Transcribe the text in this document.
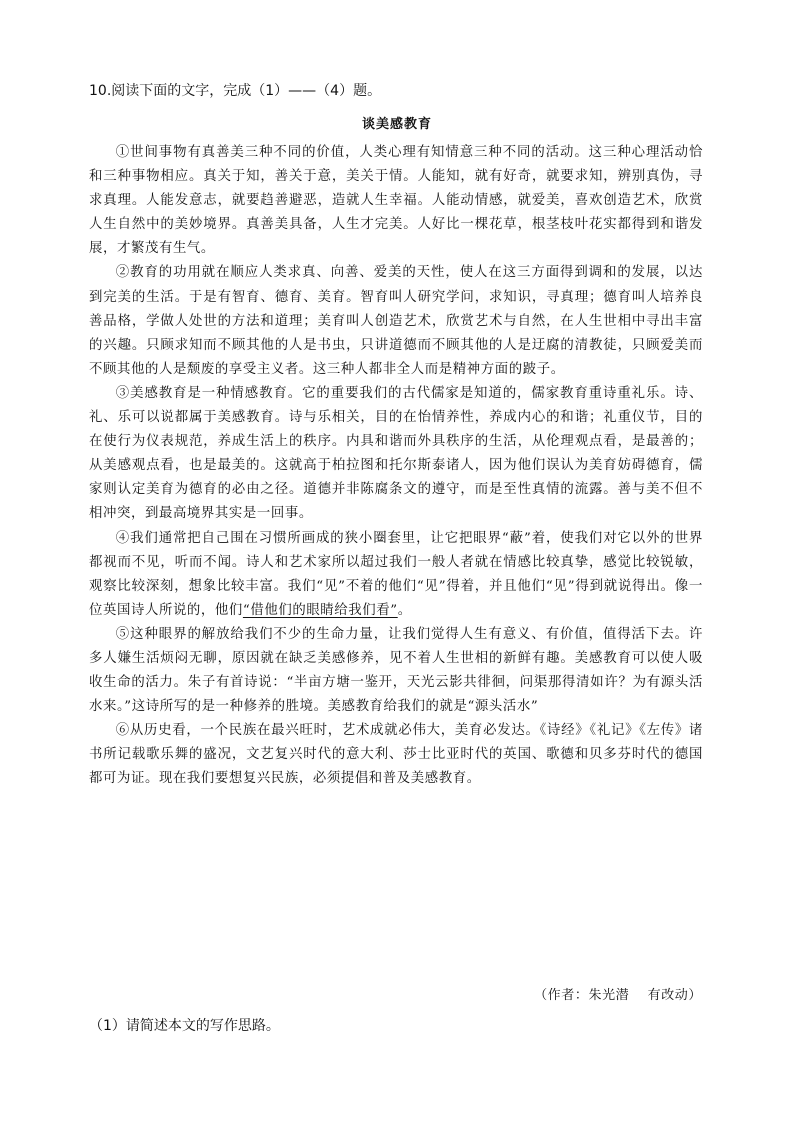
10.阅读下面的文字，完成（1）——（4）题。
谈美感教育

①世间事物有真善美三种不同的价值，人类心理有知情意三种不同的活动。这三种心理活动恰和三种事物相应。真关于知，善关于意，美关于情。人能知，就有好奇，就要求知，辨别真伪，寻求真理。人能发意志，就要趋善避恶，造就人生幸福。人能动情感，就爱美，喜欢创造艺术，欣赏人生自然中的美妙境界。真善美具备，人生才完美。人好比一棵花草，根茎枝叶花实都得到和谐发展，才繁茂有生气。

②教育的功用就在顺应人类求真、向善、爱美的天性，使人在这三方面得到调和的发展，以达到完美的生活。于是有智育、德育、美育。智育叫人研究学问，求知识，寻真理；德育叫人培养良善品格，学做人处世的方法和道理；美育叫人创造艺术，欣赏艺术与自然，在人生世相中寻出丰富的兴趣。只顾求知而不顾其他的人是书虫，只讲道德而不顾其他的人是迂腐的清教徒，只顾爱美而不顾其他的人是颓废的享受主义者。这三种人都非全人而是精神方面的跛子。

③美感教育是一种情感教育。它的重要我们的古代儒家是知道的，儒家教育重诗重礼乐。诗、礼、乐可以说都属于美感教育。诗与乐相关，目的在怡情养性，养成内心的和谐；礼重仪节，目的在使行为仪表规范，养成生活上的秩序。内具和谐而外具秩序的生活，从伦理观点看，是最善的；从美感观点看，也是最美的。这就高于柏拉图和托尔斯泰诸人，因为他们误认为美育妨碍德育，儒家则认定美育为德育的必由之径。道德并非陈腐条文的遵守，而是至性真情的流露。善与美不但不相冲突，到最高境界其实是一回事。

④我们通常把自己围在习惯所画成的狭小圈套里，让它把眼界“蔽”着，使我们对它以外的世界都视而不见，听而不闻。诗人和艺术家所以超过我们一般人者就在情感比较真挚，感觉比较锐敏，观察比较深刻，想象比较丰富。我们“见”不着的他们“见”得着，并且他们“见”得到就说得出。像一位英国诗人所说的，他们“借他们的眼睛给我们看”。

⑤这种眼界的解放给我们不少的生命力量，让我们觉得人生有意义、有价值，值得活下去。许多人嫌生活烦闷无聊，原因就在缺乏美感修养，见不着人生世相的新鲜有趣。美感教育可以使人吸收生命的活力。朱子有首诗说：“半亩方塘一鉴开，天光云影共徘徊，问渠那得清如许？为有源头活水来。”这诗所写的是一种修养的胜境。美感教育给我们的就是“源头活水”

⑥从历史看，一个民族在最兴旺时，艺术成就必伟大，美育必发达。《诗经》《礼记》《左传》诸书所记载歌乐舞的盛况，文艺复兴时代的意大利、莎士比亚时代的英国、歌德和贝多芬时代的德国都可为证。现在我们要想复兴民族，必须提倡和普及美感教育。

（作者：朱光潜　 有改动）
（1）请简述本文的写作思路。
